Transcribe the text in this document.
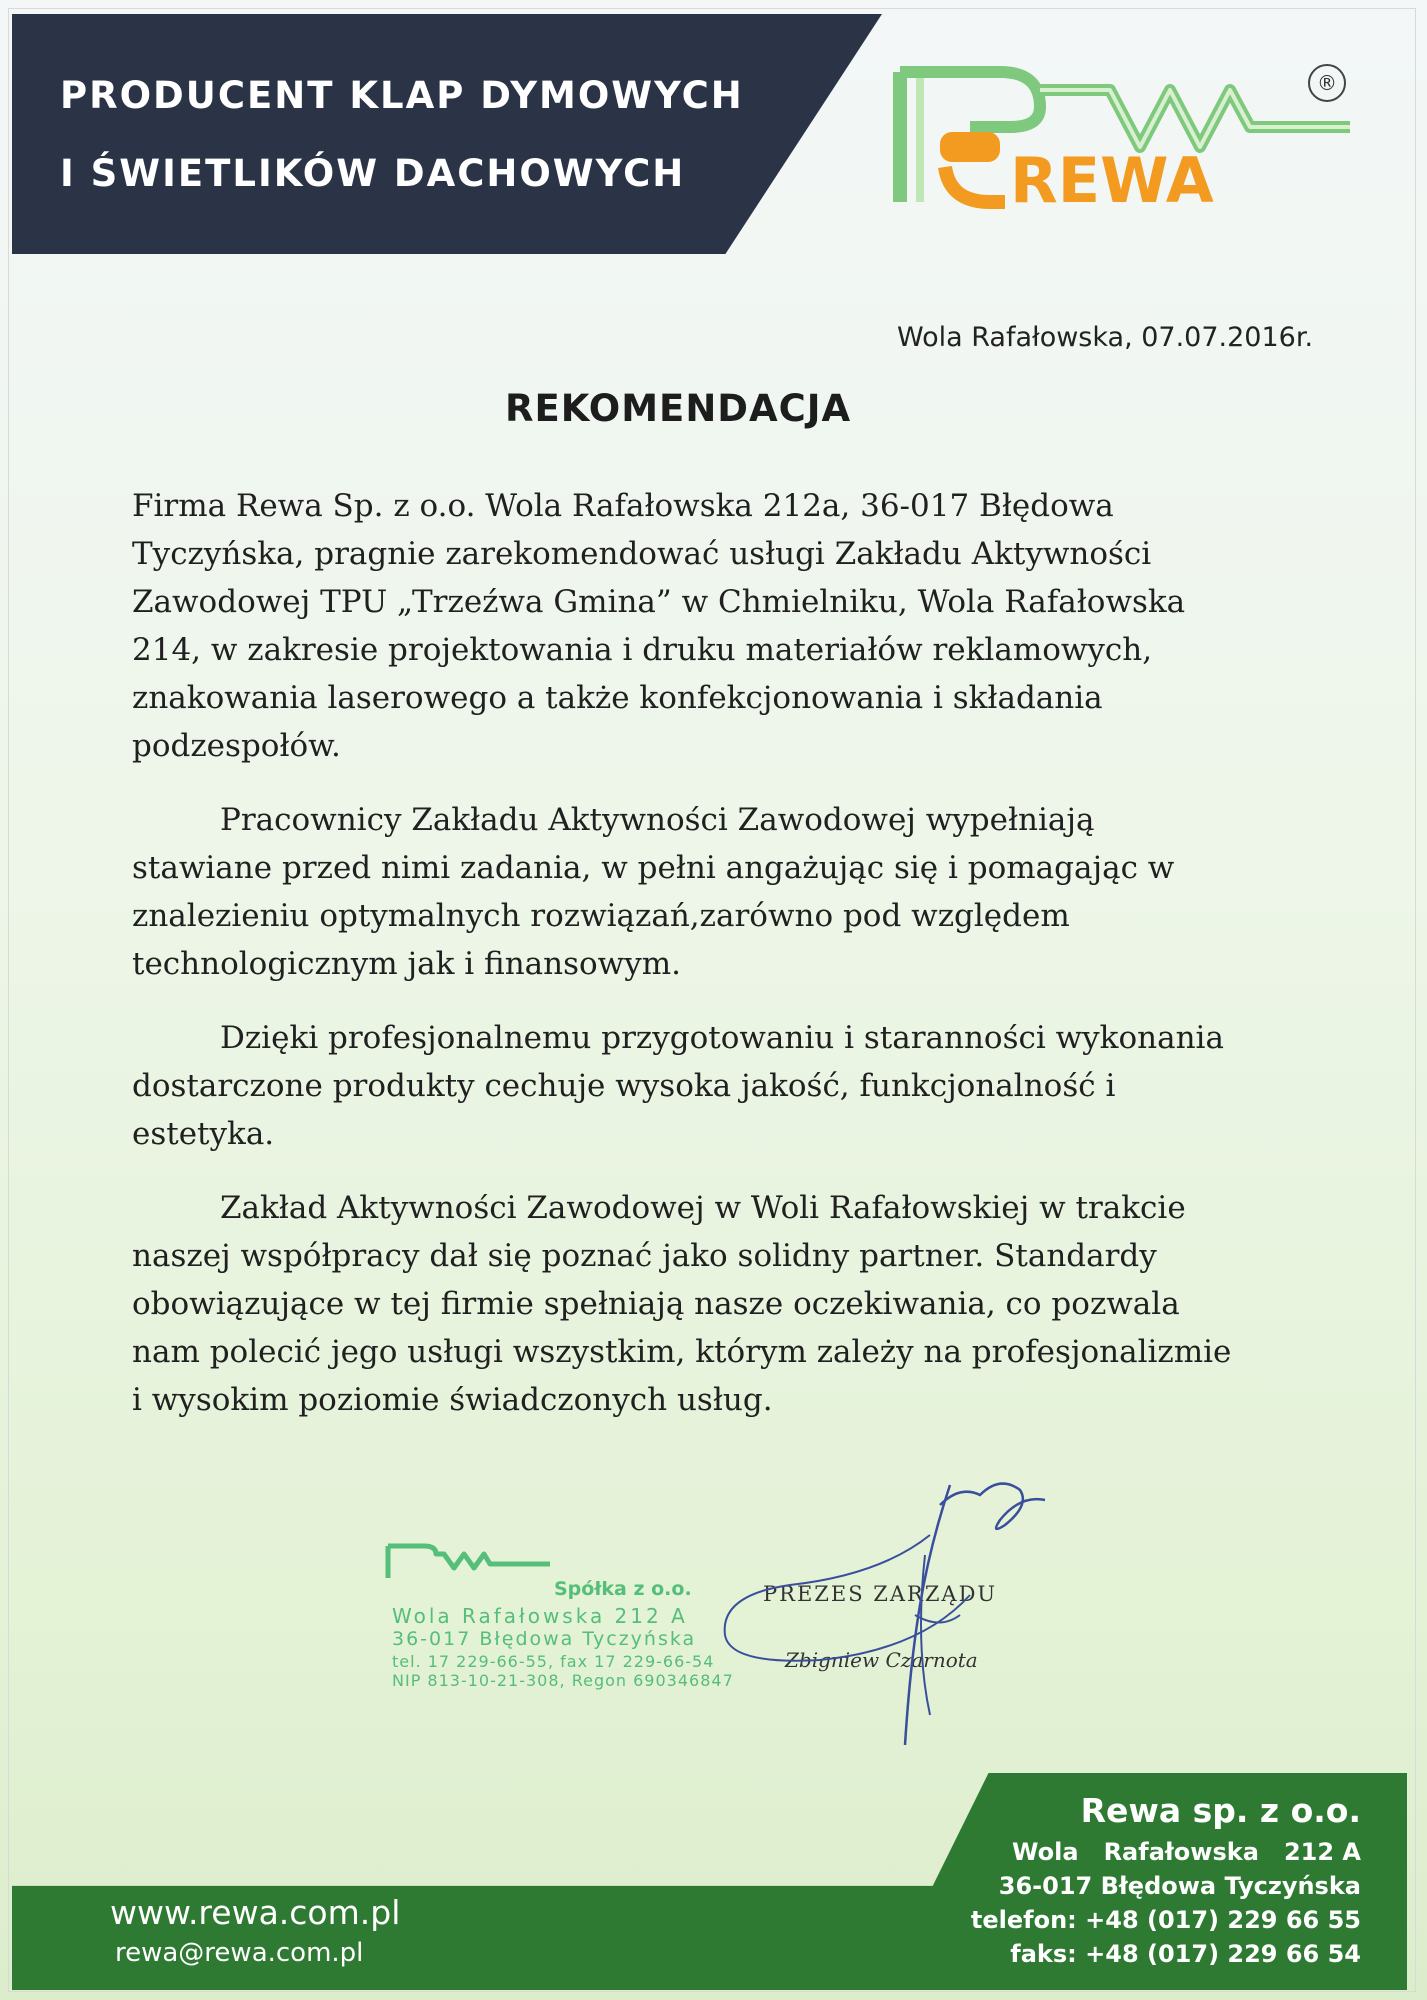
PRODUCENT KLAP DYMOWYCH
I ŚWIETLIKÓW DACHOWYCH	REWA
®
Wola Rafałowska, 07.07.2016r.
REKOMENDACJA

Firma Rewa Sp. z o.o. Wola Rafałowska 212a, 36-017 Błędowa Tyczyńska, pragnie zarekomendować usługi Zakładu Aktywności Zawodowej TPU „Trzeźwa Gmina” w Chmielniku, Wola Rafałowska 214, w zakresie projektowania i druku materiałów reklamowych, znakowania laserowego a także konfekcjonowania i składania podzespołów.

Pracownicy Zakładu Aktywności Zawodowej wypełniają stawiane przed nimi zadania, w pełni angażując się i pomagając w znalezieniu optymalnych rozwiązań,zarówno pod względem technologicznym jak i finansowym.

Dzięki profesjonalnemu przygotowaniu i staranności wykonania dostarczone produkty cechuje wysoka jakość, funkcjonalność i estetyka.

Zakład Aktywności Zawodowej w Woli Rafałowskiej w trakcie naszej współpracy dał się poznać jako solidny partner. Standardy obowiązujące w tej firmie spełniają nasze oczekiwania, co pozwala nam polecić jego usługi wszystkim, którym zależy na profesjonalizmie i wysokim poziomie świadczonych usług.

Spółka z o.o.
Wola Rafałowska 212 A
36-017 Błędowa Tyczyńska
tel. 17 229-66-55, fax 17 229-66-54
NIP 813-10-21-308, Regon 690346847
PREZES ZARZĄDU
Zbigniew Czarnota
www.rewa.com.pl
rewa@rewa.com.pl
Rewa sp. z o.o.
Wola   Rafałowska   212 A
36-017 Błędowa Tyczyńska
telefon: +48 (017) 229 66 55
faks: +48 (017) 229 66 54
